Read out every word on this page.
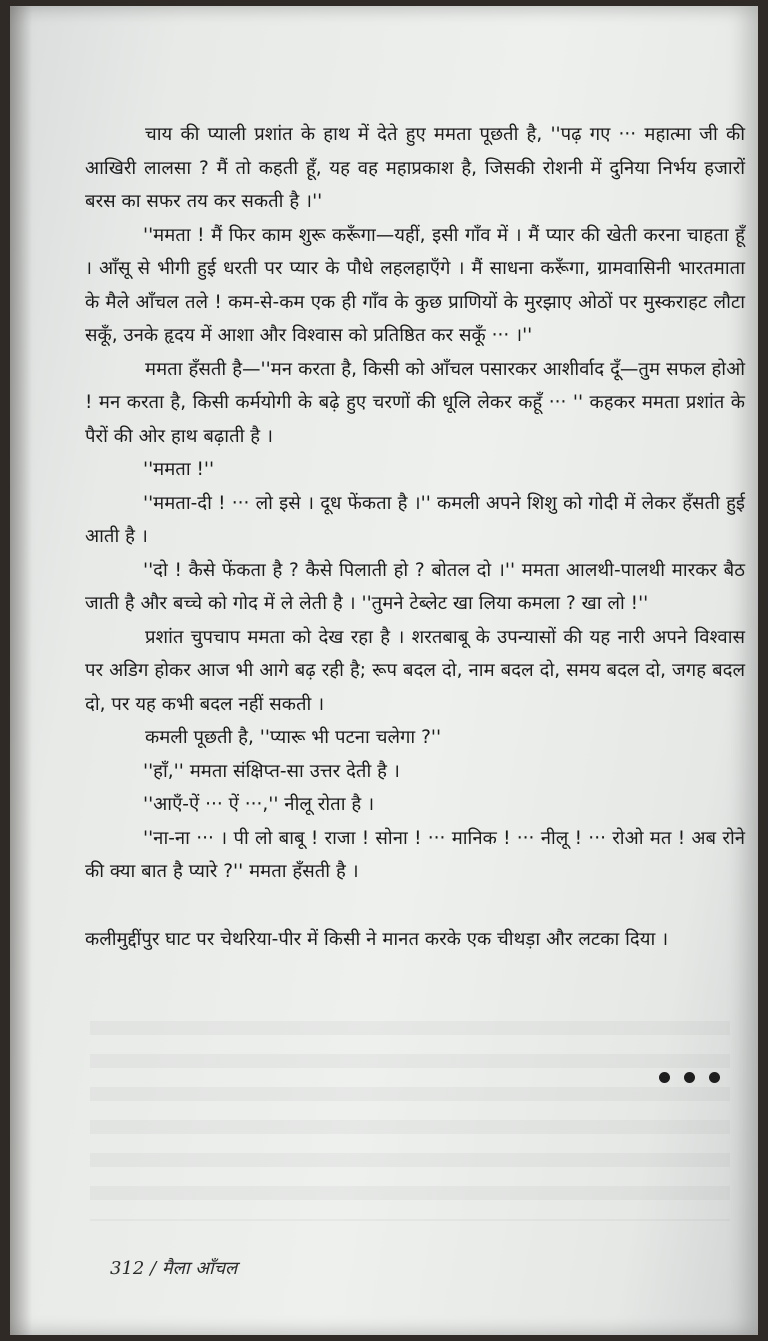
चाय की प्याली प्रशांत के हाथ में देते हुए ममता पूछती है, ''पढ़ गए ··· महात्मा जी की आखिरी लालसा ? मैं तो कहती हूँ, यह वह महाप्रकाश है, जिसकी रोशनी में दुनिया निर्भय हजारों बरस का सफर तय कर सकती है ।''

''ममता ! मैं फिर काम शुरू करूँगा—यहीं, इसी गाँव में । मैं प्यार की खेती करना चाहता हूँ । आँसू से भीगी हुई धरती पर प्यार के पौधे लहलहाएँगे । मैं साधना करूँगा, ग्रामवासिनी भारतमाता के मैले आँचल तले ! कम-से-कम एक ही गाँव के कुछ प्राणियों के मुरझाए ओठों पर मुस्कराहट लौटा सकूँ, उनके हृदय में आशा और विश्वास को प्रतिष्ठित कर सकूँ ··· ।''

ममता हँसती है—''मन करता है, किसी को आँचल पसारकर आशीर्वाद दूँ—तुम सफल होओ ! मन करता है, किसी कर्मयोगी के बढ़े हुए चरणों की धूलि लेकर कहूँ ··· '' कहकर ममता प्रशांत के पैरों की ओर हाथ बढ़ाती है ।

''ममता !''

''ममता-दी ! ··· लो इसे । दूध फेंकता है ।'' कमली अपने शिशु को गोदी में लेकर हँसती हुई आती है ।

''दो ! कैसे फेंकता है ? कैसे पिलाती हो ? बोतल दो ।'' ममता आलथी-पालथी मारकर बैठ जाती है और बच्चे को गोद में ले लेती है । ''तुमने टेब्लेट खा लिया कमला ? खा लो !''

प्रशांत चुपचाप ममता को देख रहा है । शरतबाबू के उपन्यासों की यह नारी अपने विश्वास पर अडिग होकर आज भी आगे बढ़ रही है; रूप बदल दो, नाम बदल दो, समय बदल दो, जगह बदल दो, पर यह कभी बदल नहीं सकती ।

कमली पूछती है, ''प्यारू भी पटना चलेगा ?''

''हाँ,'' ममता संक्षिप्त-सा उत्तर देती है ।

''आएँ-ऐं ··· ऐं ···,'' नीलू रोता है ।

''ना-ना ··· । पी लो बाबू ! राजा ! सोना ! ··· मानिक ! ··· नीलू ! ··· रोओ मत ! अब रोने की क्या बात है प्यारे ?'' ममता हँसती है ।

कलीमुद्दींपुर घाट पर चेथरिया-पीर में किसी ने मानत करके एक चीथड़ा और लटका दिया ।

312 / मैला आँचल
